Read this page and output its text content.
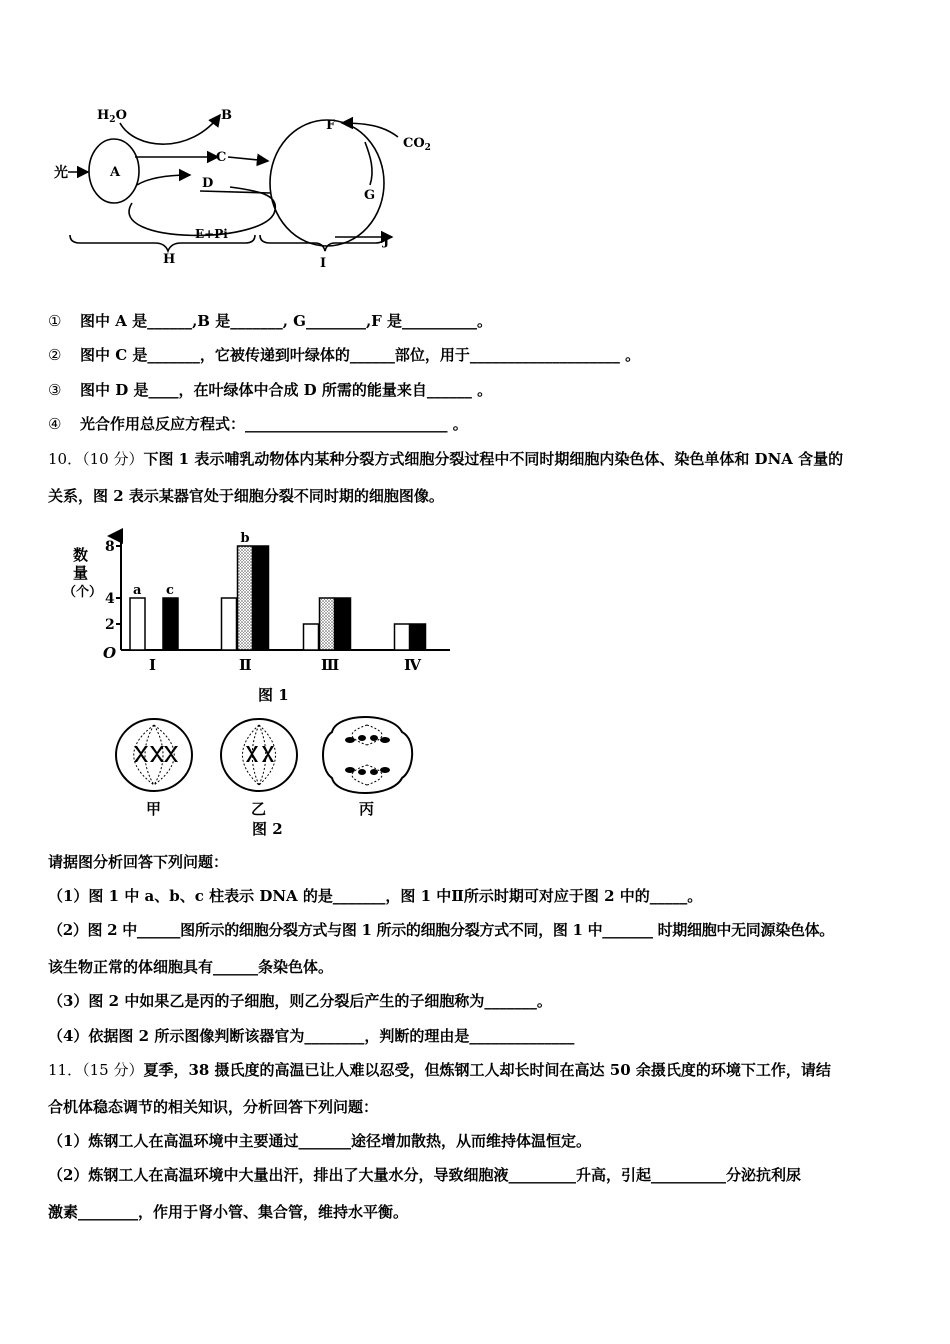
$H_2O$	B
光	A
C
D
E+Pi
F
$CO_2$
G
J
H	I
① 图中 A 是______,B 是_______, G________,F 是__________。
② 图中 C 是_______，它被传递到叶绿体的______部位，用于____________________ 。
③ 图中 D 是____，在叶绿体中合成 D 所需的能量来自______ 。
④ 光合作用总反应方程式：___________________________ 。
10．（10 分）下图 1 表示哺乳动物体内某种分裂方式细胞分裂过程中不同时期细胞内染色体、染色单体和 DNA 含量的
关系，图 2 表示某器官处于细胞分裂不同时期的细胞图像。
数
量
（个）
O
2
4
8
Ⅰ	Ⅱ	Ⅲ	Ⅳ
a c
b
图 1
甲	乙	丙
图 2
请据图分析回答下列问题：
（1）图 1 中 a、b、c 柱表示 DNA 的是_______，图 1 中Ⅱ所示时期可对应于图 2 中的_____。
（2）图 2 中______图所示的细胞分裂方式与图 1 所示的细胞分裂方式不同，图 1 中_______ 时期细胞中无同源染色体。
该生物正常的体细胞具有______条染色体。
（3）图 2 中如果乙是丙的子细胞，则乙分裂后产生的子细胞称为_______。
（4）依据图 2 所示图像判断该器官为________，判断的理由是______________
11．（15 分）夏季，38 摄氏度的高温已让人难以忍受，但炼钢工人却长时间在高达 50 余摄氏度的环境下工作，请结
合机体稳态调节的相关知识，分析回答下列问题：
（1）炼钢工人在高温环境中主要通过_______途径增加散热，从而维持体温恒定。
（2）炼钢工人在高温环境中大量出汗，排出了大量水分，导致细胞液_________升高，引起__________分泌抗利尿
激素________，作用于肾小管、集合管，维持水平衡。
